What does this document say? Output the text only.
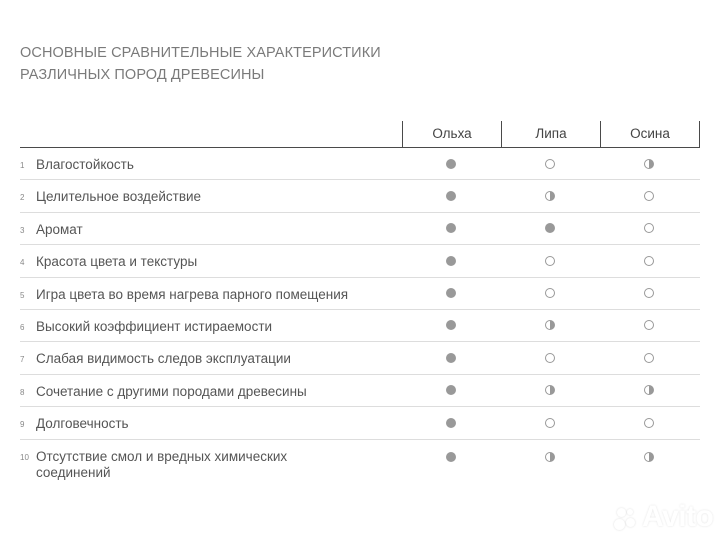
ОСНОВНЫЕ СРАВНИТЕЛЬНЫЕ ХАРАКТЕРИСТИКИ
РАЗЛИЧНЫХ ПОРОД ДРЕВЕСИНЫ
Ольха	Липа	Осина
1 Влагостойкость
2 Целительное воздействие
3 Аромат
4 Красота цвета и текстуры
5 Игра цвета во время нагрева парного помещения
6 Высокий коэффициент истираемости
7 Слабая видимость следов эксплуатации
8 Сочетание с другими породами древесины
9 Долговечность
10 Отсутствие смол и вредных химических соединений
Avito
